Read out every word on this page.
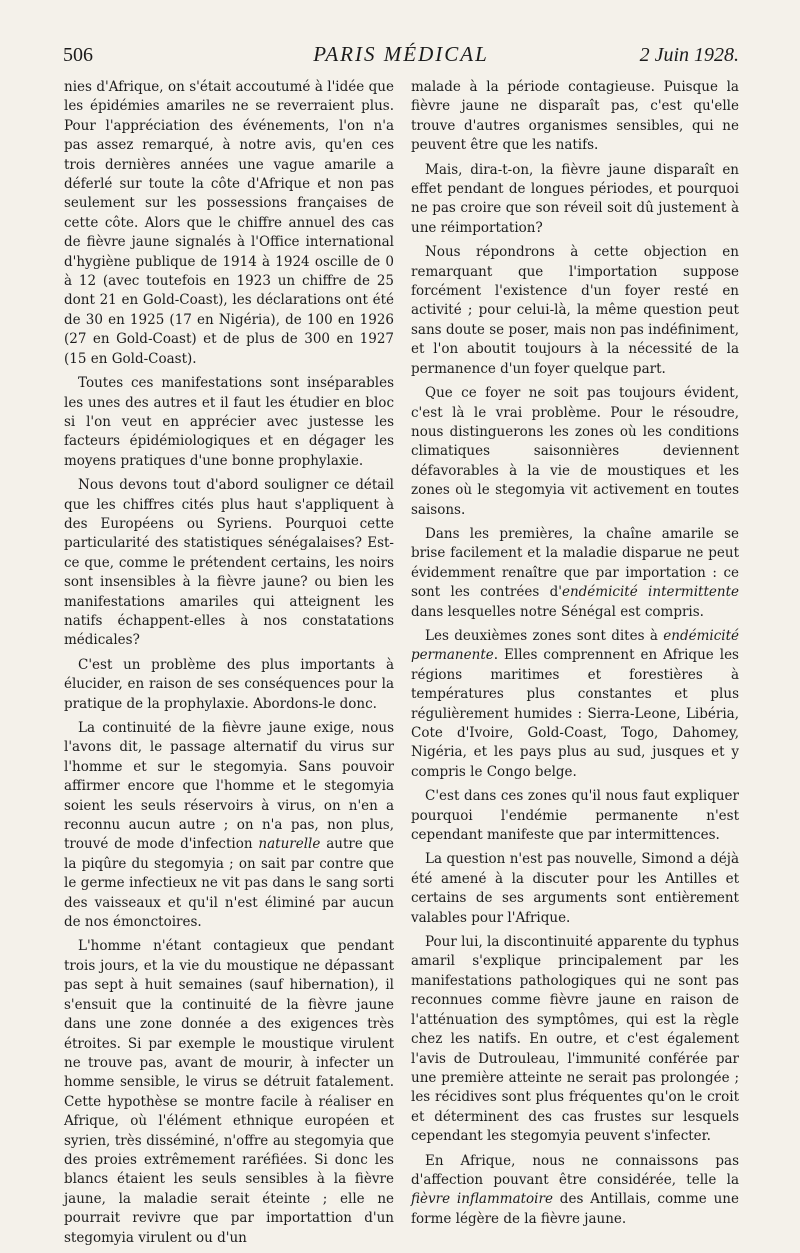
506	PARIS MÉDICAL	2 Juin 1928.

nies d'Afrique, on s'était accoutumé à l'idée que les épidémies amariles ne se reverraient plus. Pour l'appréciation des événements, l'on n'a pas assez remarqué, à notre avis, qu'en ces trois dernières années une vague amarile a déferlé sur toute la côte d'Afrique et non pas seulement sur les possessions françaises de cette côte. Alors que le chiffre annuel des cas de fièvre jaune signalés à l'Office international d'hygiène publique de 1914 à 1924 oscille de 0 à 12 (avec toutefois en 1923 un chiffre de 25 dont 21 en Gold-Coast), les déclarations ont été de 30 en 1925 (17 en Nigéria), de 100 en 1926 (27 en Gold-Coast) et de plus de 300 en 1927 (15 en Gold-Coast).

Toutes ces manifestations sont inséparables les unes des autres et il faut les étudier en bloc si l'on veut en apprécier avec justesse les facteurs épidémiologiques et en dégager les moyens pratiques d'une bonne prophylaxie.

Nous devons tout d'abord souligner ce détail que les chiffres cités plus haut s'appliquent à des Européens ou Syriens. Pourquoi cette particularité des statistiques sénégalaises? Est-ce que, comme le prétendent certains, les noirs sont insensibles à la fièvre jaune? ou bien les manifestations amariles qui atteignent les natifs échappent-elles à nos constatations médicales?

C'est un problème des plus importants à élucider, en raison de ses conséquences pour la pratique de la prophylaxie. Abordons-le donc.

La continuité de la fièvre jaune exige, nous l'avons dit, le passage alternatif du virus sur l'homme et sur le stegomyia. Sans pouvoir affirmer encore que l'homme et le stegomyia soient les seuls réservoirs à virus, on n'en a reconnu aucun autre ; on n'a pas, non plus, trouvé de mode d'infection naturelle autre que la piqûre du stegomyia ; on sait par contre que le germe infectieux ne vit pas dans le sang sorti des vaisseaux et qu'il n'est éliminé par aucun de nos émonctoires.

L'homme n'étant contagieux que pendant trois jours, et la vie du moustique ne dépassant pas sept à huit semaines (sauf hibernation), il s'ensuit que la continuité de la fièvre jaune dans une zone donnée a des exigences très étroites. Si par exemple le moustique virulent ne trouve pas, avant de mourir, à infecter un homme sensible, le virus se détruit fatalement. Cette hypothèse se montre facile à réaliser en Afrique, où l'élément ethnique européen et syrien, très disséminé, n'offre au stegomyia que des proies extrêmement raréfiées. Si donc les blancs étaient les seuls sensibles à la fièvre jaune, la maladie serait éteinte ; elle ne pourrait revivre que par importattion d'un stegomyia virulent ou d'un

malade à la période contagieuse. Puisque la fièvre jaune ne disparaît pas, c'est qu'elle trouve d'autres organismes sensibles, qui ne peuvent être que les natifs.

Mais, dira-t-on, la fièvre jaune disparaît en effet pendant de longues périodes, et pourquoi ne pas croire que son réveil soit dû justement à une réimportation?

Nous répondrons à cette objection en remarquant que l'importation suppose forcément l'existence d'un foyer resté en activité ; pour celui-là, la même question peut sans doute se poser, mais non pas indéfiniment, et l'on aboutit toujours à la nécessité de la permanence d'un foyer quelque part.

Que ce foyer ne soit pas toujours évident, c'est là le vrai problème. Pour le résoudre, nous distinguerons les zones où les conditions climatiques saisonnières deviennent défavorables à la vie de moustiques et les zones où le stegomyia vit activement en toutes saisons.

Dans les premières, la chaîne amarile se brise facilement et la maladie disparue ne peut évidemment renaître que par importation : ce sont les contrées d'endémicité intermittente dans lesquelles notre Sénégal est compris.

Les deuxièmes zones sont dites à endémicité permanente. Elles comprennent en Afrique les régions maritimes et forestières à températures plus constantes et plus régulièrement humides : Sierra-Leone, Libéria, Cote d'Ivoire, Gold-Coast, Togo, Dahomey, Nigéria, et les pays plus au sud, jusques et y compris le Congo belge.

C'est dans ces zones qu'il nous faut expliquer pourquoi l'endémie permanente n'est cependant manifeste que par intermittences.

La question n'est pas nouvelle, Simond a déjà été amené à la discuter pour les Antilles et certains de ses arguments sont entièrement valables pour l'Afrique.

Pour lui, la discontinuité apparente du typhus amaril s'explique principalement par les manifestations pathologiques qui ne sont pas reconnues comme fièvre jaune en raison de l'atténuation des symptômes, qui est la règle chez les natifs. En outre, et c'est également l'avis de Dutrouleau, l'immunité conférée par une première atteinte ne serait pas prolongée ; les récidives sont plus fréquentes qu'on le croit et déterminent des cas frustes sur lesquels cependant les stegomyia peuvent s'infecter.

En Afrique, nous ne connaissons pas d'affection pouvant être considérée, telle la fièvre inflammatoire des Antillais, comme une forme légère de la fièvre jaune.
